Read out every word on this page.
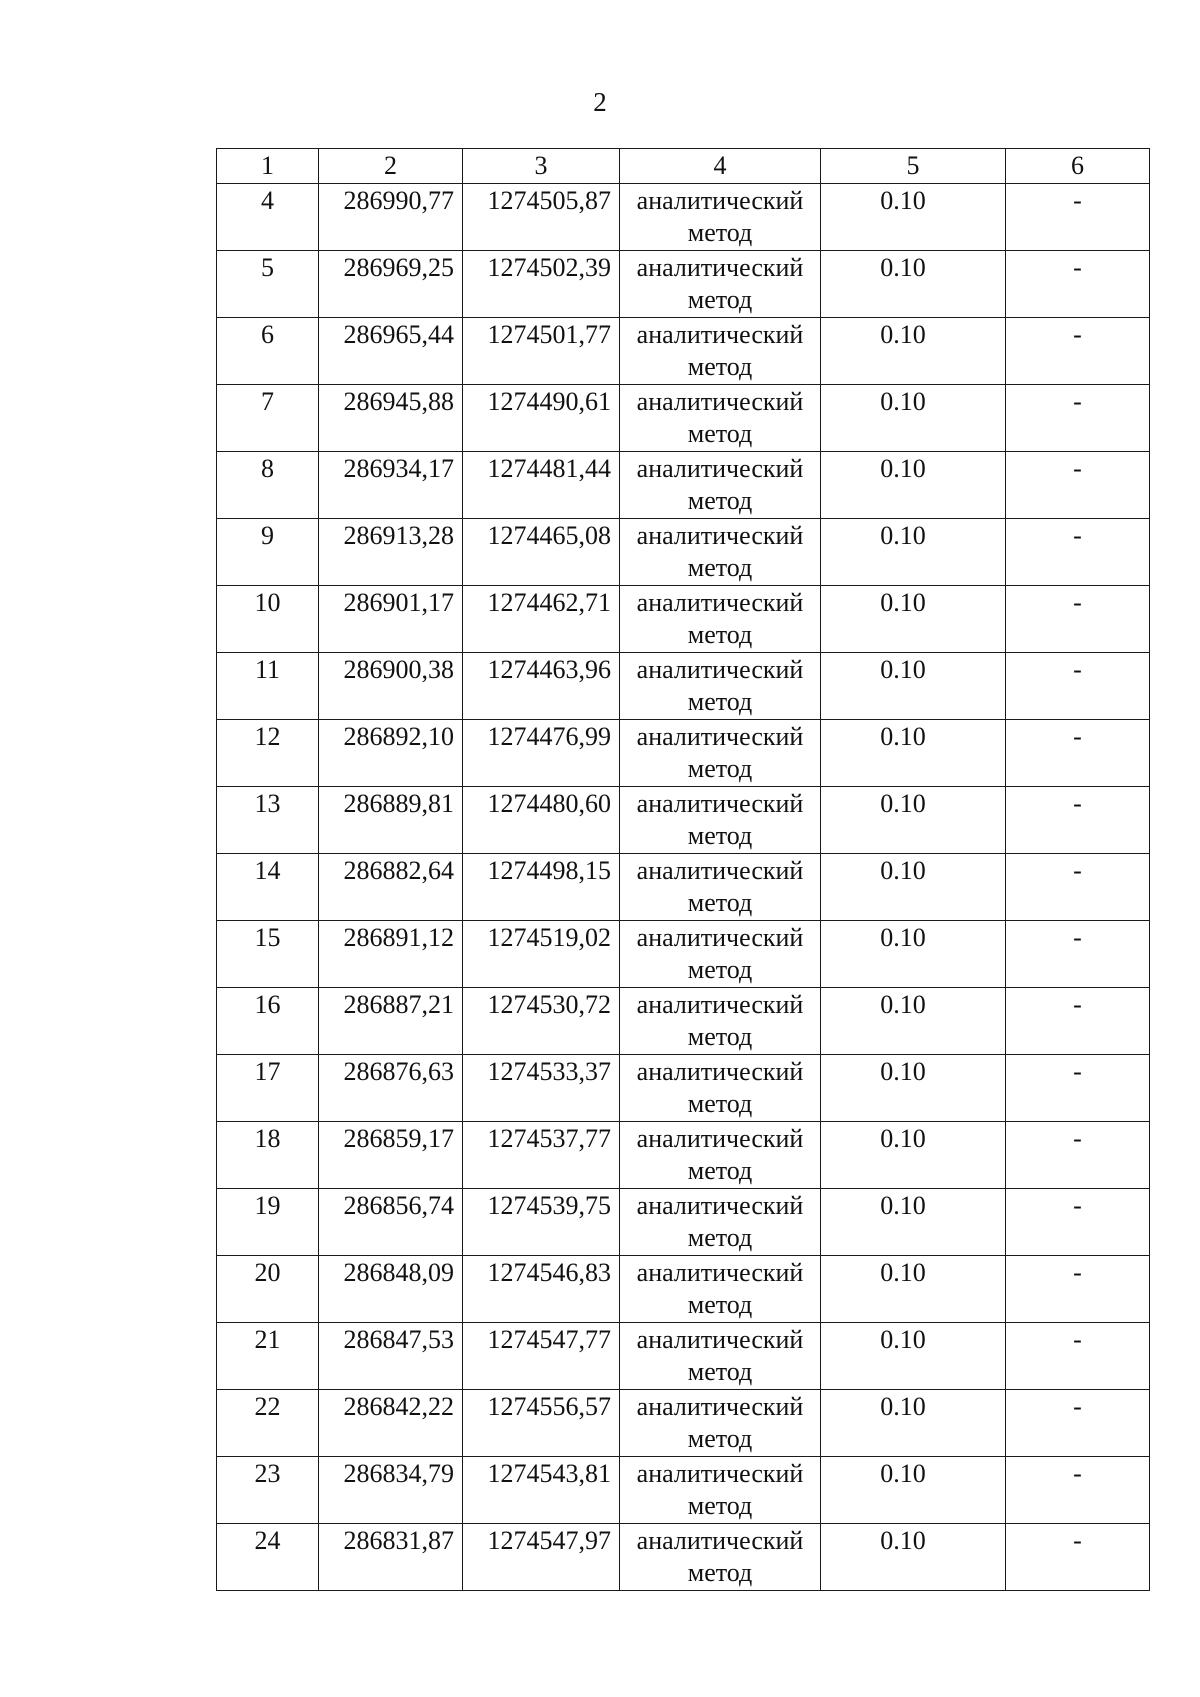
2
1	2	3	4	5	6
4	286990,77	1274505,87	аналитический метод	0.10	-
5	286969,25	1274502,39	аналитический метод	0.10	-
6	286965,44	1274501,77	аналитический метод	0.10	-
7	286945,88	1274490,61	аналитический метод	0.10	-
8	286934,17	1274481,44	аналитический метод	0.10	-
9	286913,28	1274465,08	аналитический метод	0.10	-
10	286901,17	1274462,71	аналитический метод	0.10	-
11	286900,38	1274463,96	аналитический метод	0.10	-
12	286892,10	1274476,99	аналитический метод	0.10	-
13	286889,81	1274480,60	аналитический метод	0.10	-
14	286882,64	1274498,15	аналитический метод	0.10	-
15	286891,12	1274519,02	аналитический метод	0.10	-
16	286887,21	1274530,72	аналитический метод	0.10	-
17	286876,63	1274533,37	аналитический метод	0.10	-
18	286859,17	1274537,77	аналитический метод	0.10	-
19	286856,74	1274539,75	аналитический метод	0.10	-
20	286848,09	1274546,83	аналитический метод	0.10	-
21	286847,53	1274547,77	аналитический метод	0.10	-
22	286842,22	1274556,57	аналитический метод	0.10	-
23	286834,79	1274543,81	аналитический метод	0.10	-
24	286831,87	1274547,97	аналитический метод	0.10	-
